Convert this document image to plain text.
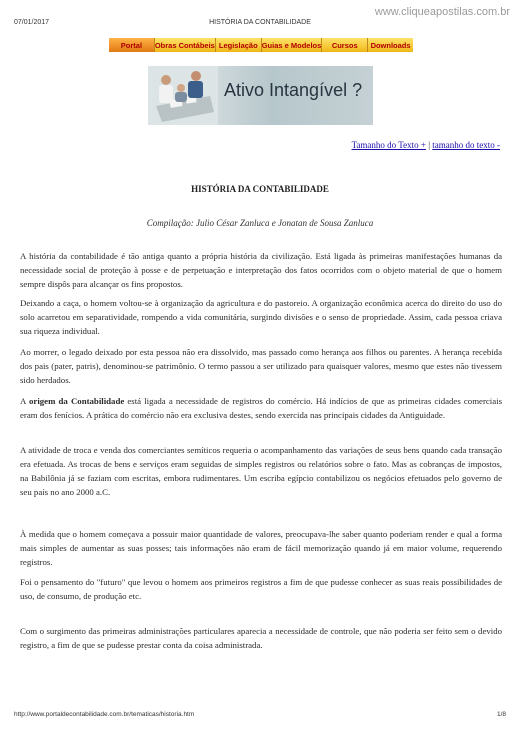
07/01/2017	HISTÓRIA DA CONTABILIDADE
www.cliqueapostilas.com.br
Portal	Obras Contábeis Legislação Guias e Modelos	Cursos	Downloads
Ativo Intangível ?
Tamanho do Texto + | tamanho do texto -
HISTÓRIA DA CONTABILIDADE
Compilação: Julio César Zanluca e Jonatan de Sousa Zanluca

A história da contabilidade é tão antiga quanto a própria história da civilização. Está ligada às primeiras manifestações humanas da necessidade social de proteção à posse e de perpetuação e interpretação dos fatos ocorridos com o objeto material de que o homem sempre dispôs para alcançar os fins propostos.

Deixando a caça, o homem voltou-se à organização da agricultura e do pastoreio. A organização econômica acerca do direito do uso do solo acarretou em separatividade, rompendo a vida comunitária, surgindo divisões e o senso de propriedade. Assim, cada pessoa criava sua riqueza individual.

Ao morrer, o legado deixado por esta pessoa não era dissolvido, mas passado como herança aos filhos ou parentes. A herança recebida dos pais (pater, patris), denominou-se patrimônio. O termo passou a ser utilizado para quaisquer valores, mesmo que estes não tivessem sido herdados.

A origem da Contabilidade está ligada a necessidade de registros do comércio. Há indícios de que as primeiras cidades comerciais eram dos fenícios. A prática do comércio não era exclusiva destes, sendo exercida nas principais cidades da Antiguidade.

A atividade de troca e venda dos comerciantes semíticos requeria o acompanhamento das variações de seus bens quando cada transação era efetuada. As trocas de bens e serviços eram seguidas de simples registros ou relatórios sobre o fato. Mas as cobranças de impostos, na Babilônia já se faziam com escritas, embora rudimentares. Um escriba egípcio contabilizou os negócios efetuados pelo governo de seu país no ano 2000 a.C.

À medida que o homem começava a possuir maior quantidade de valores, preocupava-lhe saber quanto poderiam render e qual a forma mais simples de aumentar as suas posses; tais informações não eram de fácil memorização quando já em maior volume, requerendo registros.

Foi o pensamento do "futuro" que levou o homem aos primeiros registros a fim de que pudesse conhecer as suas reais possibilidades de uso, de consumo, de produção etc.

Com o surgimento das primeiras administrações particulares aparecia a necessidade de controle, que não poderia ser feito sem o devido registro, a fim de que se pudesse prestar conta da coisa administrada.

http://www.portaldecontabilidade.com.br/tematicas/historia.htm	1/8
